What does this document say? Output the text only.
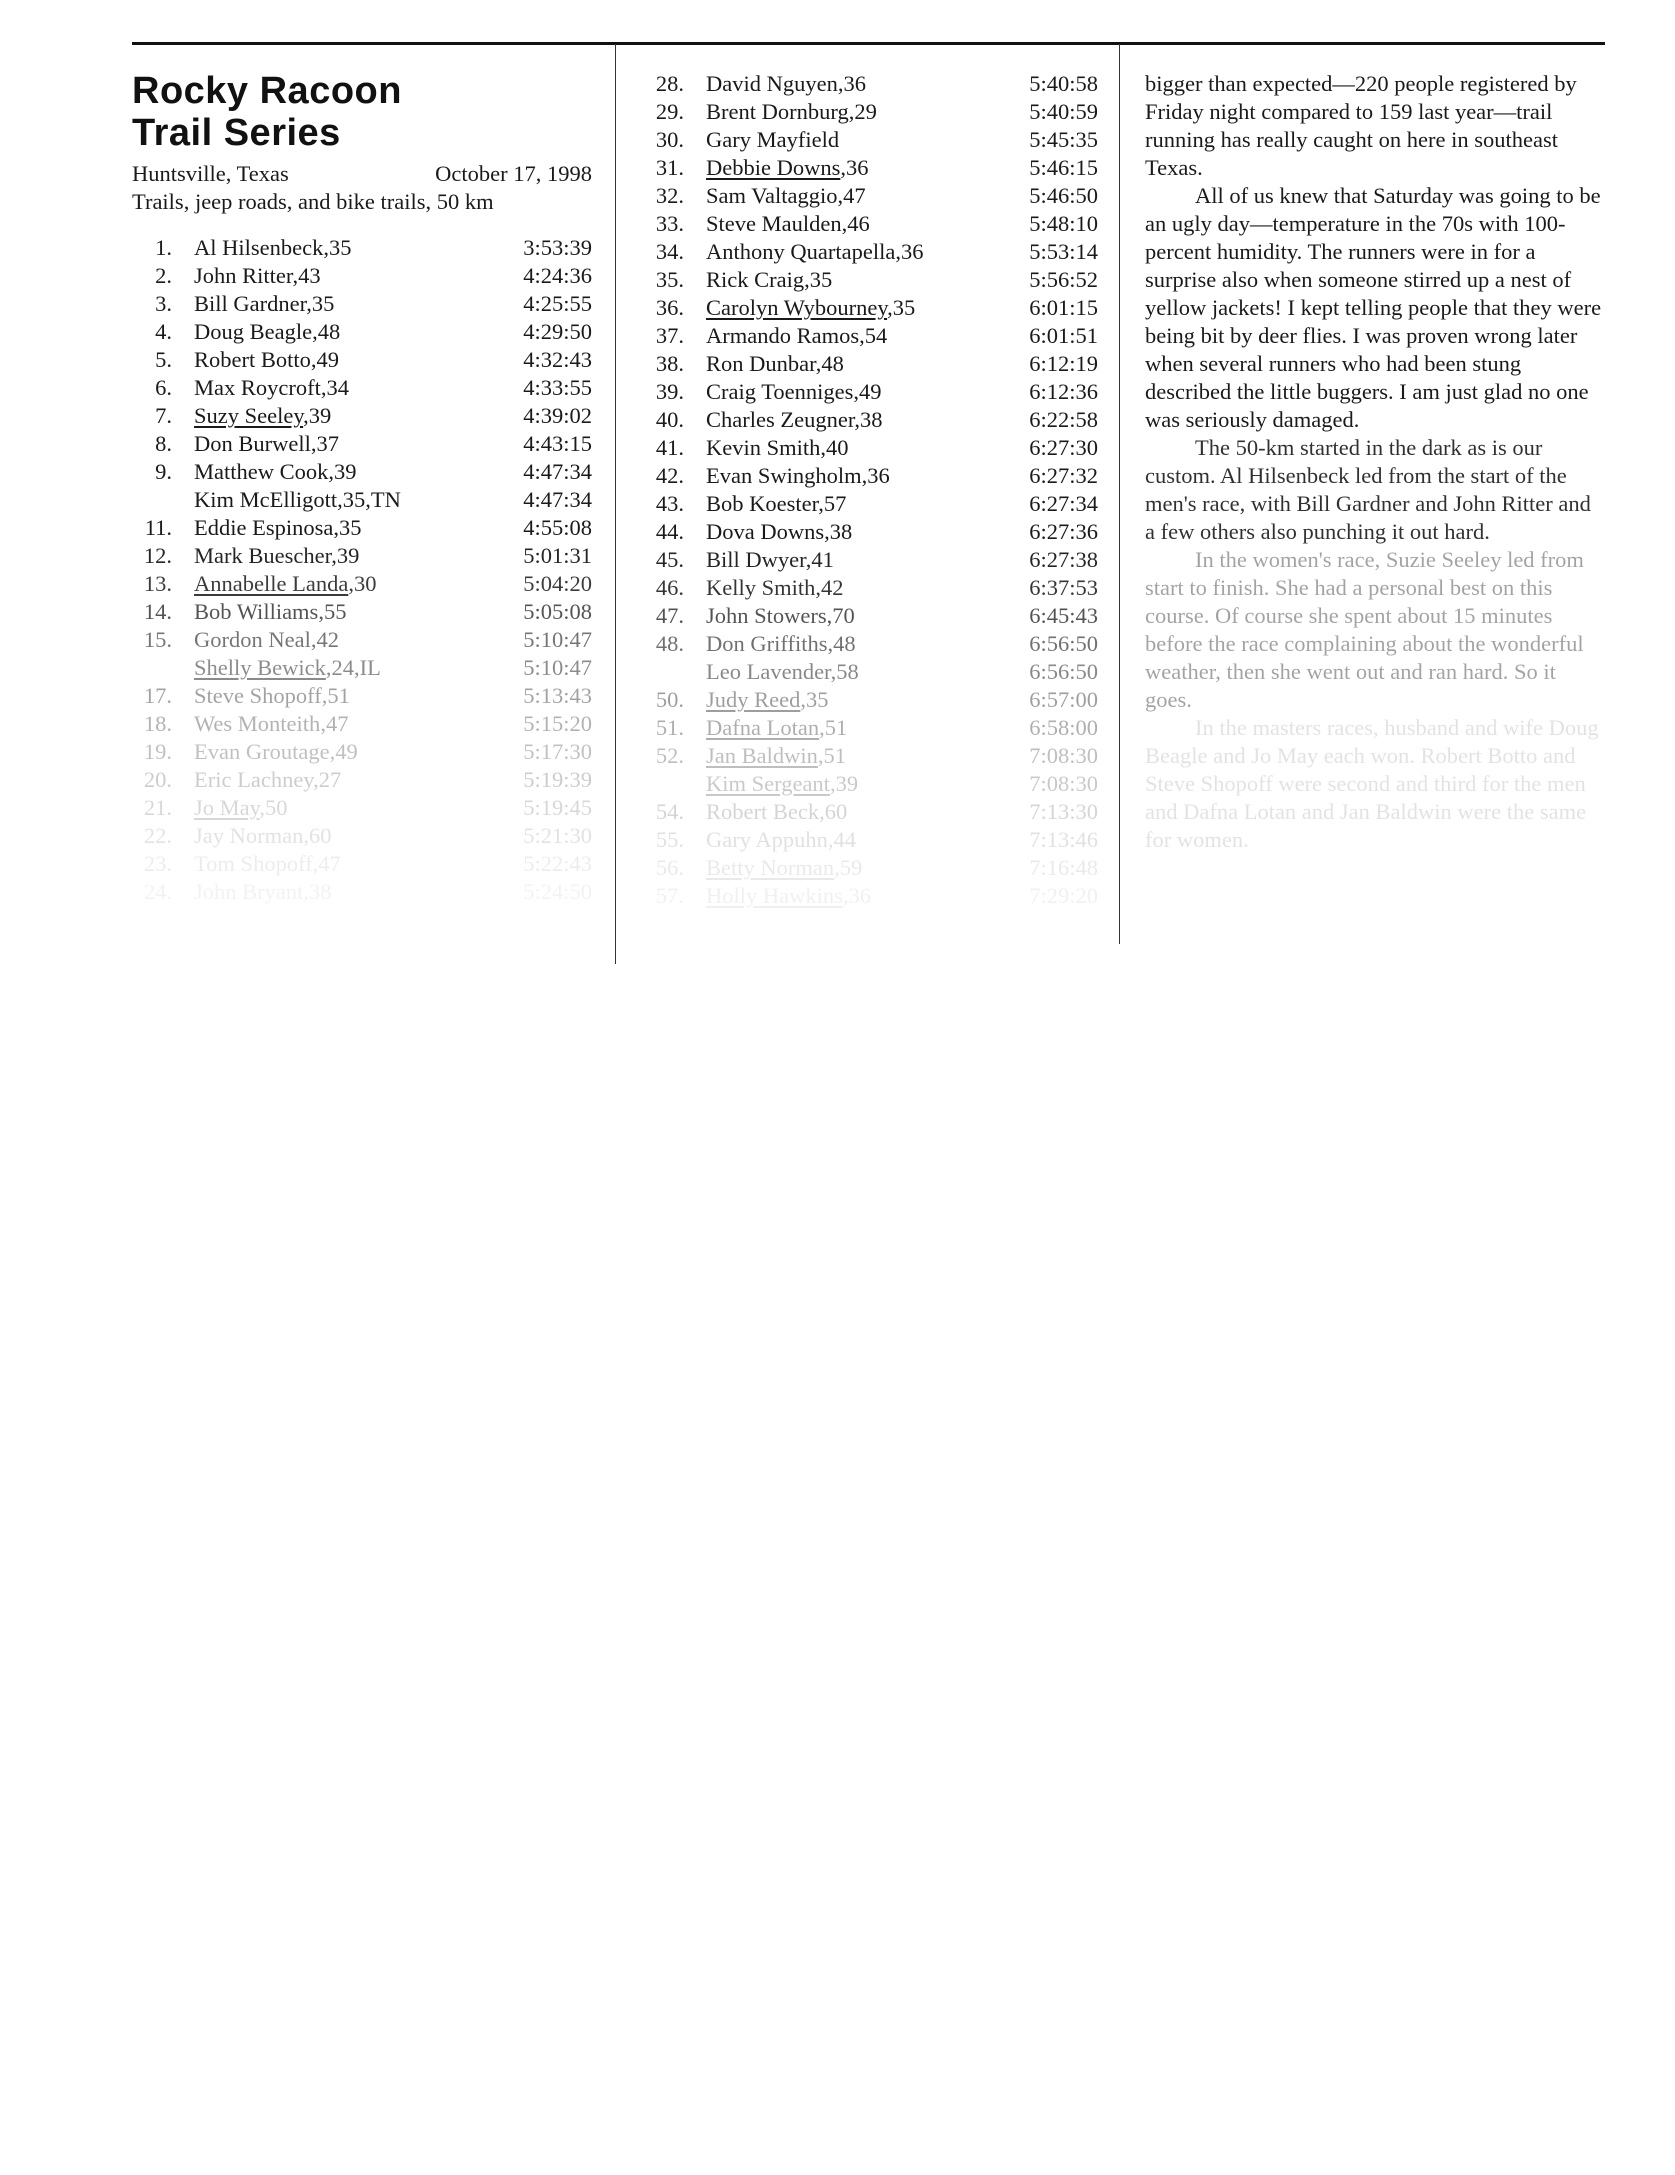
Rocky Racoon
Trail Series
Huntsville, Texas	October 17, 1998
Trails, jeep roads, and bike trails, 50 km
1. Al Hilsenbeck,35	3:53:39
2. John Ritter,43	4:24:36
3. Bill Gardner,35	4:25:55
4. Doug Beagle,48	4:29:50
5. Robert Botto,49	4:32:43
6. Max Roycroft,34	4:33:55
7. Suzy Seeley,39	4:39:02
8. Don Burwell,37	4:43:15
9. Matthew Cook,39	4:47:34
Kim McElligott,35,TN	4:47:34
11. Eddie Espinosa,35	4:55:08
12. Mark Buescher,39	5:01:31
13. Annabelle Landa,30	5:04:20
14. Bob Williams,55	5:05:08
15. Gordon Neal,42	5:10:47
Shelly Bewick,24,IL	5:10:47
17. Steve Shopoff,51	5:13:43
18. Wes Monteith,47	5:15:20
19. Evan Groutage,49	5:17:30
20. Eric Lachney,27	5:19:39
21. Jo May,50	5:19:45
22. Jay Norman,60	5:21:30
23. Tom Shopoff,47	5:22:43
24. John Bryant,38	5:24:50
28. David Nguyen,36	5:40:58
29. Brent Dornburg,29	5:40:59
30. Gary Mayfield	5:45:35
31. Debbie Downs,36	5:46:15
32. Sam Valtaggio,47	5:46:50
33. Steve Maulden,46	5:48:10
34. Anthony Quartapella,36	5:53:14
35. Rick Craig,35	5:56:52
36. Carolyn Wybourney,35	6:01:15
37. Armando Ramos,54	6:01:51
38. Ron Dunbar,48	6:12:19
39. Craig Toenniges,49	6:12:36
40. Charles Zeugner,38	6:22:58
41. Kevin Smith,40	6:27:30
42. Evan Swingholm,36	6:27:32
43. Bob Koester,57	6:27:34
44. Dova Downs,38	6:27:36
45. Bill Dwyer,41	6:27:38
46. Kelly Smith,42	6:37:53
47. John Stowers,70	6:45:43
48. Don Griffiths,48	6:56:50
Leo Lavender,58	6:56:50
50. Judy Reed,35	6:57:00
51. Dafna Lotan,51	6:58:00
52. Jan Baldwin,51	7:08:30
Kim Sergeant,39	7:08:30
54. Robert Beck,60	7:13:30
55. Gary Appuhn,44	7:13:46
56. Betty Norman,59	7:16:48
57. Holly Hawkins,36	7:29:20

bigger than expected—220 people registered by Friday night compared to 159 last year—trail running has really caught on here in southeast Texas.

All of us knew that Saturday was going to be an ugly day—temperature in the 70s with 100-percent humidity. The runners were in for a surprise also when someone stirred up a nest of yellow jackets! I kept telling people that they were being bit by deer flies. I was proven wrong later when several runners who had been stung described the little buggers. I am just glad no one was seriously damaged.

The 50-km started in the dark as is our custom. Al Hilsenbeck led from the start of the men's race, with Bill Gardner and John Ritter and a few others also punching it out hard.

In the women's race, Suzie Seeley led from start to finish. She had a personal best on this course. Of course she spent about 15 minutes before the race complaining about the wonderful weather, then she went out and ran hard. So it goes.

In the masters races, husband and wife Doug Beagle and Jo May each won. Robert Botto and Steve Shopoff were second and third for the men and Dafna Lotan and Jan Baldwin were the same for women.
